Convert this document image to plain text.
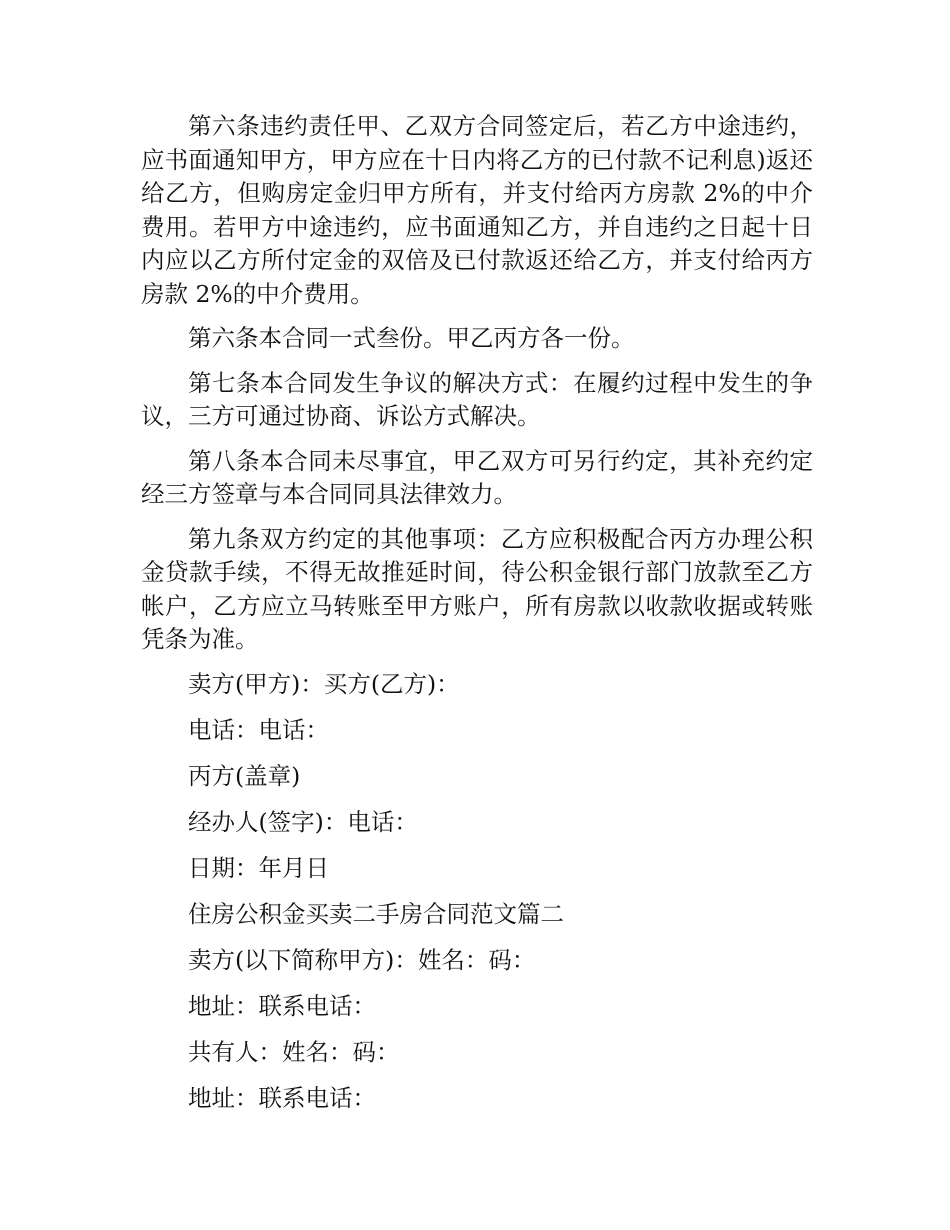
第六条违约责任甲、乙双方合同签定后，若乙方中途违约，应书面通知甲方，甲方应在十日内将乙方的已付款不记利息)返还给乙方，但购房定金归甲方所有，并支付给丙方房款 2%的中介费用。若甲方中途违约，应书面通知乙方，并自违约之日起十日内应以乙方所付定金的双倍及已付款返还给乙方，并支付给丙方房款 2%的中介费用。

第六条本合同一式叁份。甲乙丙方各一份。

第七条本合同发生争议的解决方式：在履约过程中发生的争议，三方可通过协商、诉讼方式解决。

第八条本合同未尽事宜，甲乙双方可另行约定，其补充约定经三方签章与本合同同具法律效力。

第九条双方约定的其他事项：乙方应积极配合丙方办理公积金贷款手续，不得无故推延时间，待公积金银行部门放款至乙方帐户，乙方应立马转账至甲方账户，所有房款以收款收据或转账凭条为准。

卖方(甲方)：买方(乙方)：

电话：电话：

丙方(盖章)

经办人(签字)：电话：

日期：年月日

住房公积金买卖二手房合同范文篇二

卖方(以下简称甲方)：姓名：码：

地址：联系电话：

共有人：姓名：码：

地址：联系电话：
